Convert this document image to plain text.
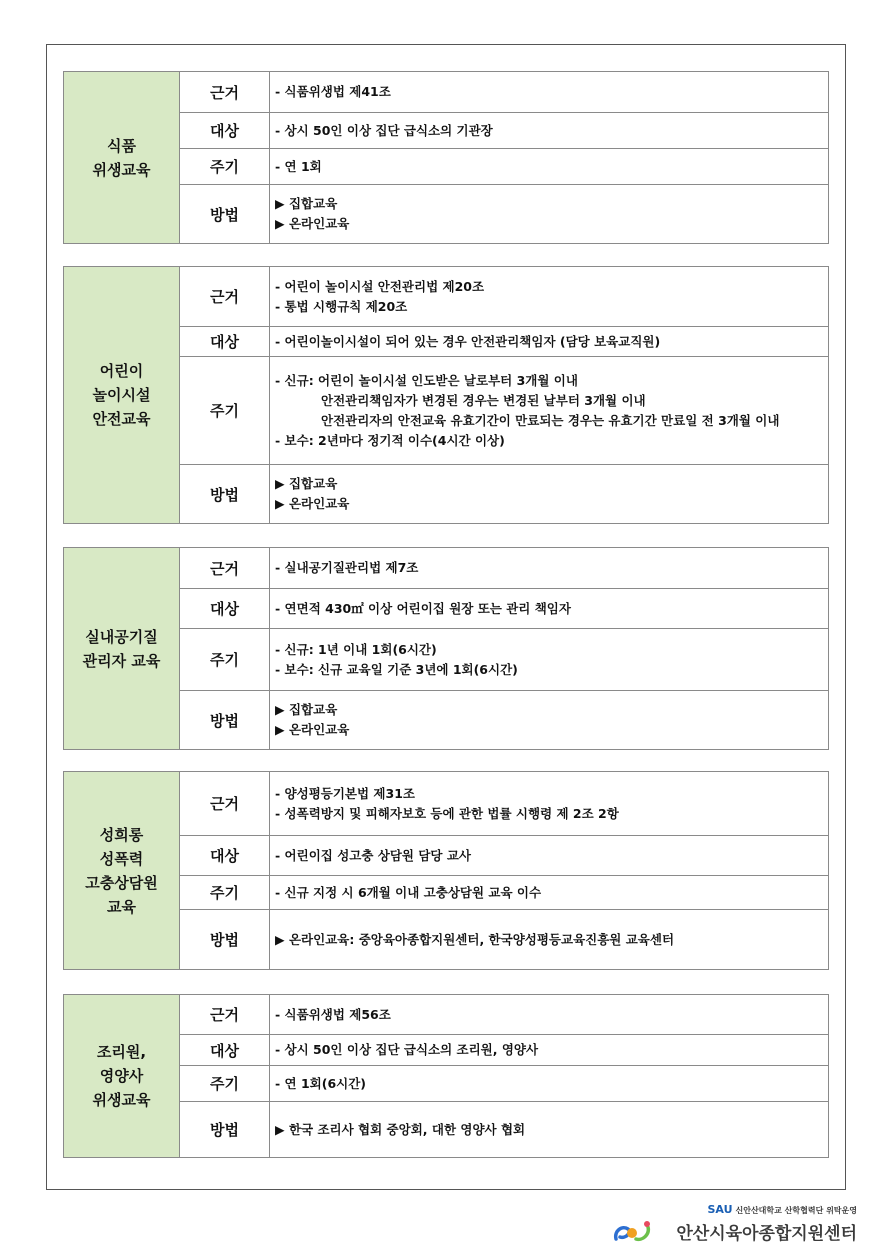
식품
위생교육	근거	- 식품위생법 제41조

	대상	- 상시 50인 이상 집단 급식소의 기관장

	주기	- 연 1회

	방법	▶ 집합교육
▶ 온라인교육
어린이
놀이시설
안전교육	근거	- 어린이 놀이시설 안전관리법 제20조
- 통법 시행규칙 제20조

	대상	- 어린이놀이시설이 되어 있는 경우 안전관리책임자 (담당 보육교직원)

	주기	- 신규: 어린이 놀이시설 인도받은 날로부터 3개월 이내
안전관리책임자가 변경된 경우는 변경된 날부터 3개월 이내
안전관리자의 안전교육 유효기간이 만료되는 경우는 유효기간 만료일 전 3개월 이내
- 보수: 2년마다 정기적 이수(4시간 이상)

	방법	▶ 집합교육
▶ 온라인교육
실내공기질
관리자 교육	근거	- 실내공기질관리법 제7조

	대상	- 연면적 430㎡ 이상 어린이집 원장 또는 관리 책임자

	주기	- 신규: 1년 이내 1회(6시간)
- 보수: 신규 교육일 기준 3년에 1회(6시간)

	방법	▶ 집합교육
▶ 온라인교육
성희롱
성폭력
고충상담원
교육	근거	- 양성평등기본법 제31조
- 성폭력방지 및 피해자보호 등에 관한 법률 시행령 제 2조 2항

	대상	- 어린이집 성고충 상담원 담당 교사

	주기	- 신규 지정 시 6개월 이내 고충상담원 교육 이수

	방법	▶ 온라인교육: 중앙육아종합지원센터, 한국양성평등교육진흥원 교육센터
조리원,
영양사
위생교육	근거	- 식품위생법 제56조

	대상	- 상시 50인 이상 집단 급식소의 조리원, 영양사

	주기	- 연 1회(6시간)

	방법	▶ 한국 조리사 협회 중앙회, 대한 영양사 협회
SAU 신안산대학교 산학협력단 위탁운영
안산시육아종합지원센터
